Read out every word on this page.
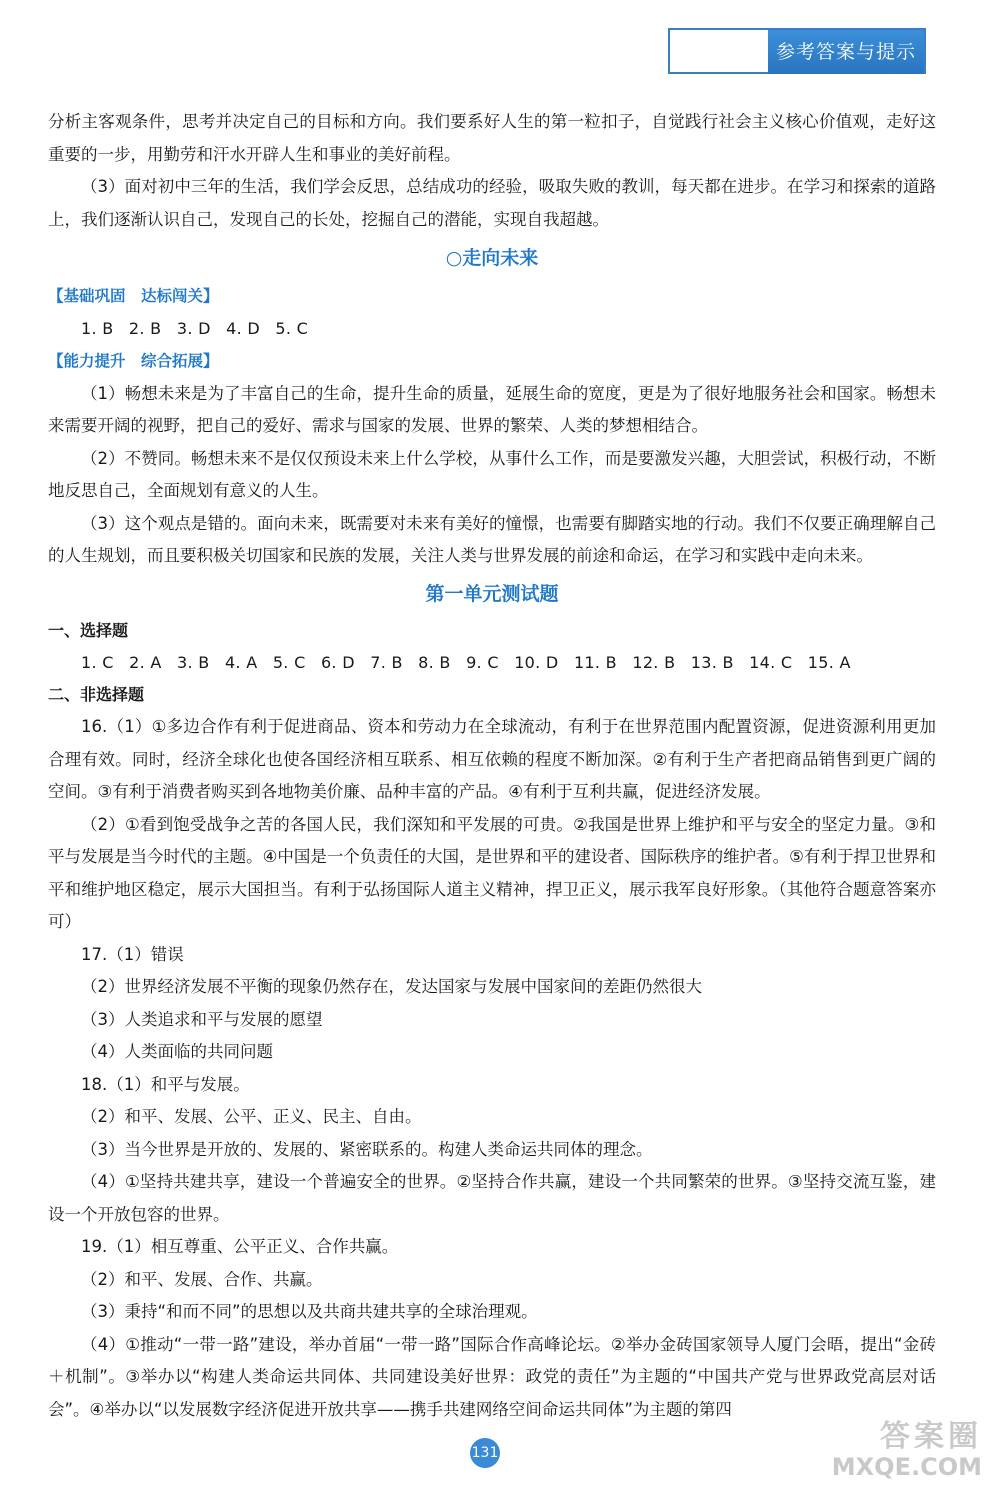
参考答案与提示

分析主客观条件，思考并决定自己的目标和方向。我们要系好人生的第一粒扣子，自觉践行社会主义核心价值观，走好这重要的一步，用勤劳和汗水开辟人生和事业的美好前程。

（3）面对初中三年的生活，我们学会反思，总结成功的经验，吸取失败的教训，每天都在进步。在学习和探索的道路上，我们逐渐认识自己，发现自己的长处，挖掘自己的潜能，实现自我超越。

○走向未来
【基础巩固　达标闯关】
1. B 2. B 3. D 4. D 5. C
【能力提升　综合拓展】

（1）畅想未来是为了丰富自己的生命，提升生命的质量，延展生命的宽度，更是为了很好地服务社会和国家。畅想未来需要开阔的视野，把自己的爱好、需求与国家的发展、世界的繁荣、人类的梦想相结合。

（2）不赞同。畅想未来不是仅仅预设未来上什么学校，从事什么工作，而是要激发兴趣，大胆尝试，积极行动，不断地反思自己，全面规划有意义的人生。

（3）这个观点是错的。面向未来，既需要对未来有美好的憧憬，也需要有脚踏实地的行动。我们不仅要正确理解自己的人生规划，而且要积极关切国家和民族的发展，关注人类与世界发展的前途和命运，在学习和实践中走向未来。

第一单元测试题
一、选择题
1. C 2. A 3. B 4. A 5. C 6. D 7. B 8. B 9. C 10. D 11. B 12. B 13. B 14. C 15. A
二、非选择题

16.（1）①多边合作有利于促进商品、资本和劳动力在全球流动，有利于在世界范围内配置资源，促进资源利用更加合理有效。同时，经济全球化也使各国经济相互联系、相互依赖的程度不断加深。②有利于生产者把商品销售到更广阔的空间。③有利于消费者购买到各地物美价廉、品种丰富的产品。④有利于互利共赢，促进经济发展。

（2）①看到饱受战争之苦的各国人民，我们深知和平发展的可贵。②我国是世界上维护和平与安全的坚定力量。③和平与发展是当今时代的主题。④中国是一个负责任的大国，是世界和平的建设者、国际秩序的维护者。⑤有利于捍卫世界和平和维护地区稳定，展示大国担当。有利于弘扬国际人道主义精神，捍卫正义，展示我军良好形象。（其他符合题意答案亦可）

17.（1）错误
（2）世界经济发展不平衡的现象仍然存在，发达国家与发展中国家间的差距仍然很大
（3）人类追求和平与发展的愿望
（4）人类面临的共同问题
18.（1）和平与发展。
（2）和平、发展、公平、正义、民主、自由。
（3）当今世界是开放的、发展的、紧密联系的。构建人类命运共同体的理念。

（4）①坚持共建共享，建设一个普遍安全的世界。②坚持合作共赢，建设一个共同繁荣的世界。③坚持交流互鉴，建设一个开放包容的世界。

19.（1）相互尊重、公平正义、合作共赢。
（2）和平、发展、合作、共赢。
（3）秉持“和而不同”的思想以及共商共建共享的全球治理观。

（4）①推动“一带一路”建设，举办首届“一带一路”国际合作高峰论坛。②举办金砖国家领导人厦门会晤，提出“金砖＋机制”。③举办以“构建人类命运共同体、共同建设美好世界：政党的责任”为主题的“中国共产党与世界政党高层对话会”。④举办以“以发展数字经济促进开放共享——携手共建网络空间命运共同体”为主题的第四

131	答案圈
MXQE.COM
